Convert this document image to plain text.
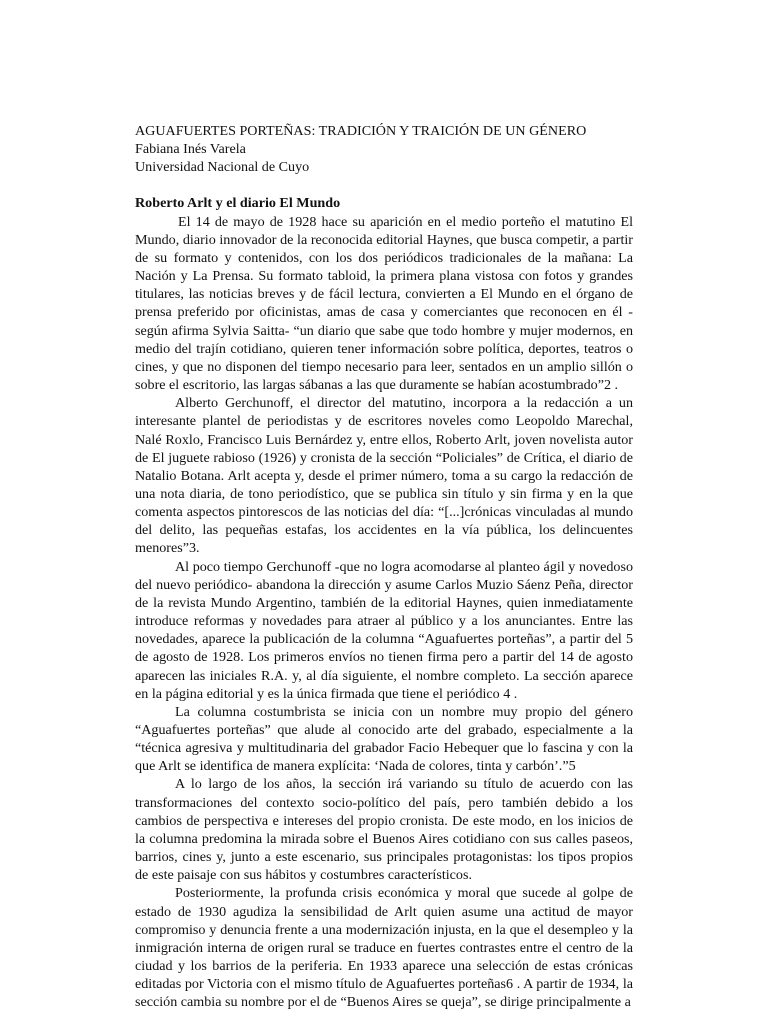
AGUAFUERTES PORTEÑAS: TRADICIÓN Y TRAICIÓN DE UN GÉNERO

Fabiana Inés Varela

Universidad Nacional de Cuyo

Roberto Arlt y el diario El Mundo

El 14 de mayo de 1928 hace su aparición en el medio porteño el matutino El Mundo, diario innovador de la reconocida editorial Haynes, que busca competir, a partir de su formato y contenidos, con los dos periódicos tradicionales de la mañana: La Nación y La Prensa. Su formato tabloid, la primera plana vistosa con fotos y grandes titulares, las noticias breves y de fácil lectura, convierten a El Mundo en el órgano de prensa preferido por oficinistas, amas de casa y comerciantes que reconocen en él -según afirma Sylvia Saitta- “un diario que sabe que todo hombre y mujer modernos, en medio del trajín cotidiano, quieren tener información sobre política, deportes, teatros o cines, y que no disponen del tiempo necesario para leer, sentados en un amplio sillón o sobre el escritorio, las largas sábanas a las que duramente se habían acostumbrado”2 .

Alberto Gerchunoff, el director del matutino, incorpora a la redacción a un interesante plantel de periodistas y de escritores noveles como Leopoldo Marechal, Nalé Roxlo, Francisco Luis Bernárdez y, entre ellos, Roberto Arlt, joven novelista autor de El juguete rabioso (1926) y cronista de la sección “Policiales” de Crítica, el diario de Natalio Botana. Arlt acepta y, desde el primer número, toma a su cargo la redacción de una nota diaria, de tono periodístico, que se publica sin título y sin firma y en la que comenta aspectos pintorescos de las noticias del día: “[...]crónicas vinculadas al mundo del delito, las pequeñas estafas, los accidentes en la vía pública, los delincuentes menores”3.

Al poco tiempo Gerchunoff -que no logra acomodarse al planteo ágil y novedoso del nuevo periódico- abandona la dirección y asume Carlos Muzio Sáenz Peña, director de la revista Mundo Argentino, también de la editorial Haynes, quien inmediatamente introduce reformas y novedades para atraer al público y a los anunciantes. Entre las novedades, aparece la publicación de la columna “Aguafuertes porteñas”, a partir del 5 de agosto de 1928. Los primeros envíos no tienen firma pero a partir del 14 de agosto aparecen las iniciales R.A. y, al día siguiente, el nombre completo. La sección aparece en la página editorial y es la única firmada que tiene el periódico 4 .

La columna costumbrista se inicia con un nombre muy propio del género “Aguafuertes porteñas” que alude al conocido arte del grabado, especialmente a la “técnica agresiva y multitudinaria del grabador Facio Hebequer que lo fascina y con la que Arlt se identifica de manera explícita: ‘Nada de colores, tinta y carbón’.”5

A lo largo de los años, la sección irá variando su título de acuerdo con las transformaciones del contexto socio-político del país, pero también debido a los cambios de perspectiva e intereses del propio cronista. De este modo, en los inicios de la columna predomina la mirada sobre el Buenos Aires cotidiano con sus calles paseos, barrios, cines y, junto a este escenario, sus principales protagonistas: los tipos propios de este paisaje con sus hábitos y costumbres característicos.

Posteriormente, la profunda crisis económica y moral que sucede al golpe de estado de 1930 agudiza la sensibilidad de Arlt quien asume una actitud de mayor compromiso y denuncia frente a una modernización injusta, en la que el desempleo y la inmigración interna de origen rural se traduce en fuertes contrastes entre el centro de la ciudad y los barrios de la periferia. En 1933 aparece una selección de estas crónicas editadas por Victoria con el mismo título de Aguafuertes porteñas6 . A partir de 1934, la sección cambia su nombre por el de “Buenos Aires se queja”, se dirige principalmente a
